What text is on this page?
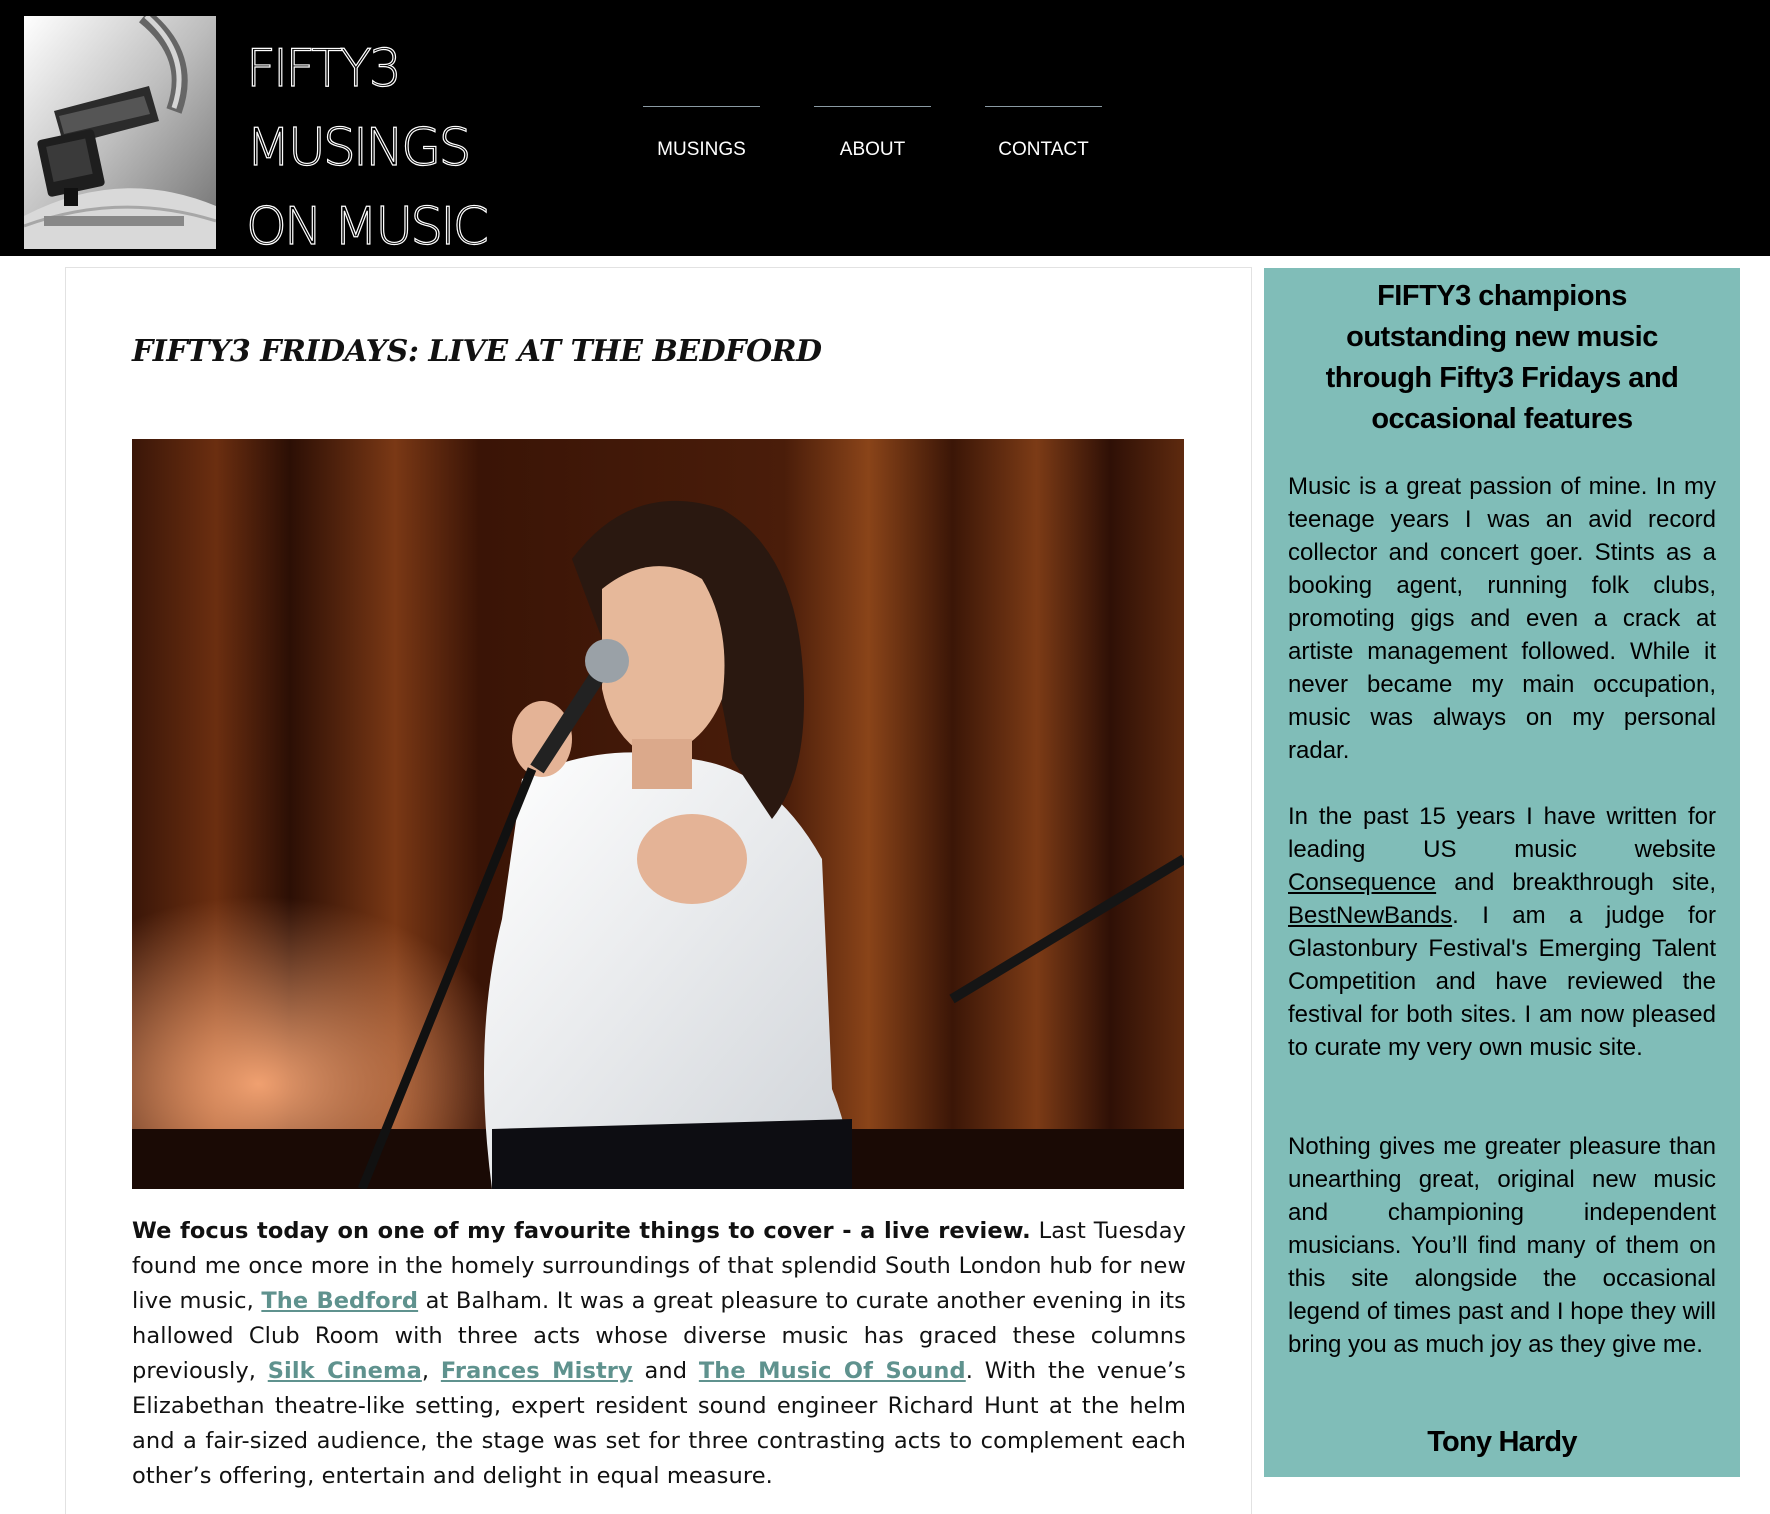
FIFTY3
MUSINGS
ON MUSIC
MUSINGS	ABOUT	CONTACT
FIFTY3 FRIDAYS: LIVE AT THE BEDFORD
We focus today on one of my favourite things to cover - a live review. Last Tuesday found me once more in the homely surroundings of that splendid South London hub for new live music, The Bedford at Balham. It was a great pleasure to curate another evening in its hallowed Club Room with three acts whose diverse music has graced these columns previously, Silk Cinema, Frances Mistry and The Music Of Sound. With the venue’s Elizabethan theatre-like setting, expert resident sound engineer Richard Hunt at the helm and a fair-sized audience, the stage was set for three contrasting acts to complement each other’s offering, entertain and delight in equal measure.
FIFTY3 champions outstanding new music through Fifty3 Fridays and occasional features

Music is a great passion of mine. In my teenage years I was an avid record collector and concert goer. Stints as a booking agent, running folk clubs, promoting gigs and even a crack at artiste management followed. While it never became my main occupation, music was always on my personal radar.

In the past 15 years I have written for leading US music website Consequence and breakthrough site, BestNewBands. I am a judge for Glastonbury Festival's Emerging Talent Competition and have reviewed the festival for both sites. I am now pleased to curate my very own music site.

Nothing gives me greater pleasure than unearthing great, original new music and championing independent musicians. You’ll find many of them on this site alongside the occasional legend of times past and I hope they will bring you as much joy as they give me.

Tony Hardy
